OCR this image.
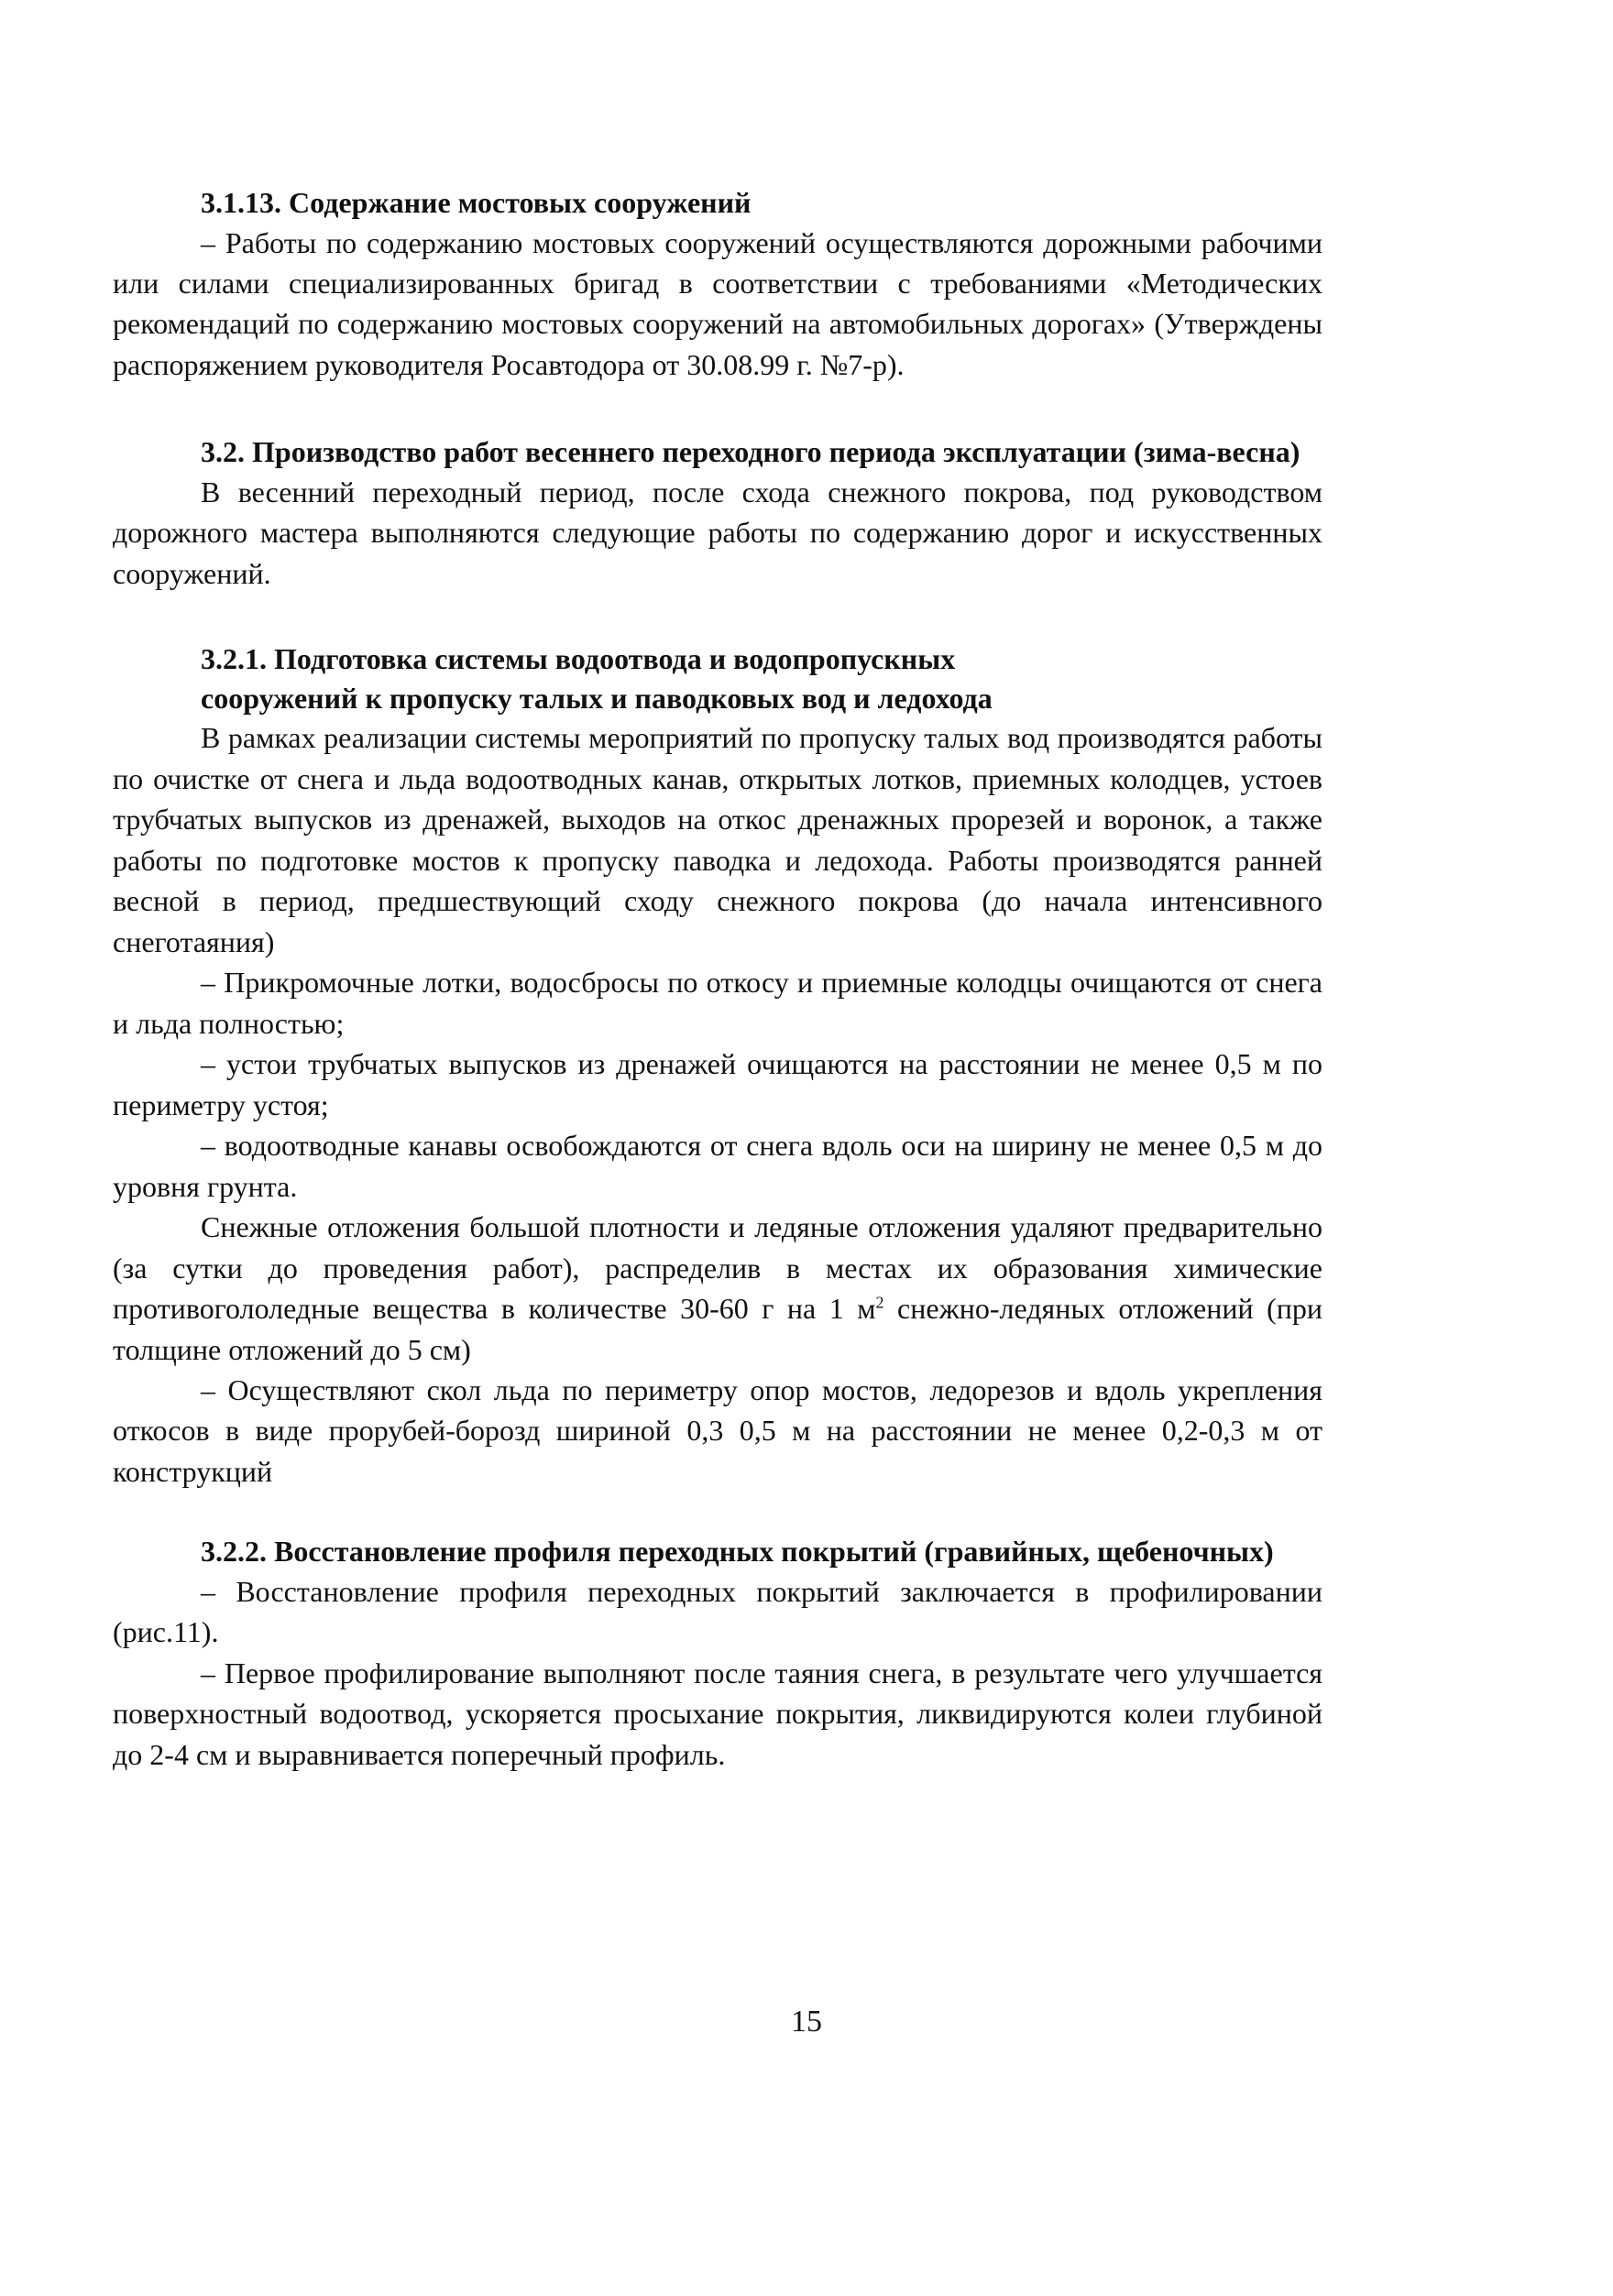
3.1.13. Содержание мостовых сооружений

– Работы по содержанию мостовых сооружений осуществляются дорожными рабочими или силами специализированных бригад в соответствии с требованиями «Методических рекомендаций по содержанию мостовых сооружений на автомобильных дорогах» (Утверждены распоряжением руководителя Росавтодора от 30.08.99 г. №7-р).

3.2. Производство работ весеннего переходного периода эксплуатации (зима-весна)

В весенний переходный период, после схода снежного покрова, под руководством дорожного мастера выполняются следующие работы по содержанию дорог и искусственных сооружений.

3.2.1. Подготовка системы водоотвода и водопропускных
сооружений к пропуску талых и паводковых вод и ледохода

В рамках реализации системы мероприятий по пропуску талых вод производятся работы по очистке от снега и льда водоотводных канав, открытых лотков, приемных колодцев, устоев трубчатых выпусков из дренажей, выходов на откос дренажных прорезей и воронок, а также работы по подготовке мостов к пропуску паводка и ледохода. Работы производятся ранней весной в период, предшествующий сходу снежного покрова (до начала интенсивного снеготаяния)

– Прикромочные лотки, водосбросы по откосу и приемные колодцы очищаются от снега и льда полностью;

– устои трубчатых выпусков из дренажей очищаются на расстоянии не менее 0,5 м по периметру устоя;

– водоотводные канавы освобождаются от снега вдоль оси на ширину не менее 0,5 м до уровня грунта.

Снежные отложения большой плотности и ледяные отложения удаляют предварительно (за сутки до проведения работ), распределив в местах их образования химические противогололедные вещества в количестве 30-60 г на 1 $м^2$ снежно-ледяных отложений (при толщине отложений до 5 см)

– Осуществляют скол льда по периметру опор мостов, ледорезов и вдоль укрепления откосов в виде прорубей-борозд шириной 0,3 0,5 м на расстоянии не менее 0,2-0,3 м от конструкций

3.2.2. Восстановление профиля переходных покрытий (гравийных, щебеночных)

– Восстановление профиля переходных покрытий заключается в профилировании (рис.11).

– Первое профилирование выполняют после таяния снега, в результате чего улучшается поверхностный водоотвод, ускоряется просыхание покрытия, ликвидируются колеи глубиной до 2-4 см и выравнивается поперечный профиль.

15
